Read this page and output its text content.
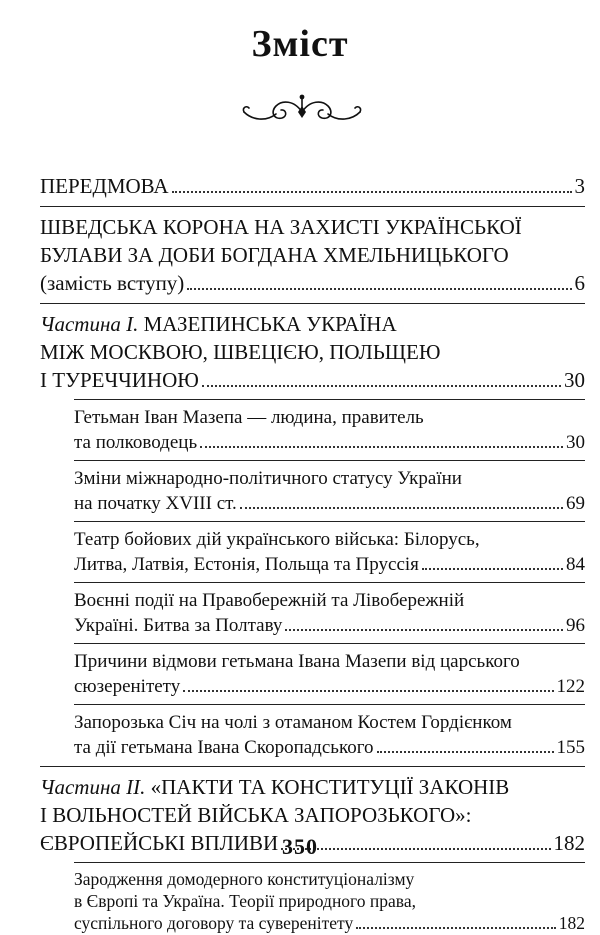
Зміст
ПЕРЕДМОВА	3
ШВЕДСЬКА КОРОНА НА ЗАХИСТІ УКРАЇНСЬКОЇ
БУЛАВИ ЗА ДОБИ БОГДАНА ХМЕЛЬНИЦЬКОГО
(замість вступу)	6
Частина І. МАЗЕПИНСЬКА УКРАЇНА
МІЖ МОСКВОЮ, ШВЕЦІЄЮ, ПОЛЬЩЕЮ
І ТУРЕЧЧИНОЮ	30
Гетьман Іван Мазепа — людина, правитель
та полководець	30
Зміни міжнародно-політичного статусу України
на початку XVIII ст.	69
Театр бойових дій українського війська: Білорусь,
Литва, Латвія, Естонія, Польща та Пруссія	84
Воєнні події на Правобережній та Лівобережній
Україні. Битва за Полтаву	96
Причини відмови гетьмана Івана Мазепи від царського
сюзеренітету	122
Запорозька Січ на чолі з отаманом Костем Гордієнком
та дії гетьмана Івана Скоропадського	155
Частина ІІ. «ПАКТИ ТА КОНСТИТУЦІЇ ЗАКОНІВ
І ВОЛЬНОСТЕЙ ВІЙСЬКА ЗАПОРОЗЬКОГО»:
ЄВРОПЕЙСЬКІ ВПЛИВИ	182
Зародження домодерного конституціоналізму
в Європі та Україна. Теорії природного права,
суспільного договору та суверенітету	182
350
